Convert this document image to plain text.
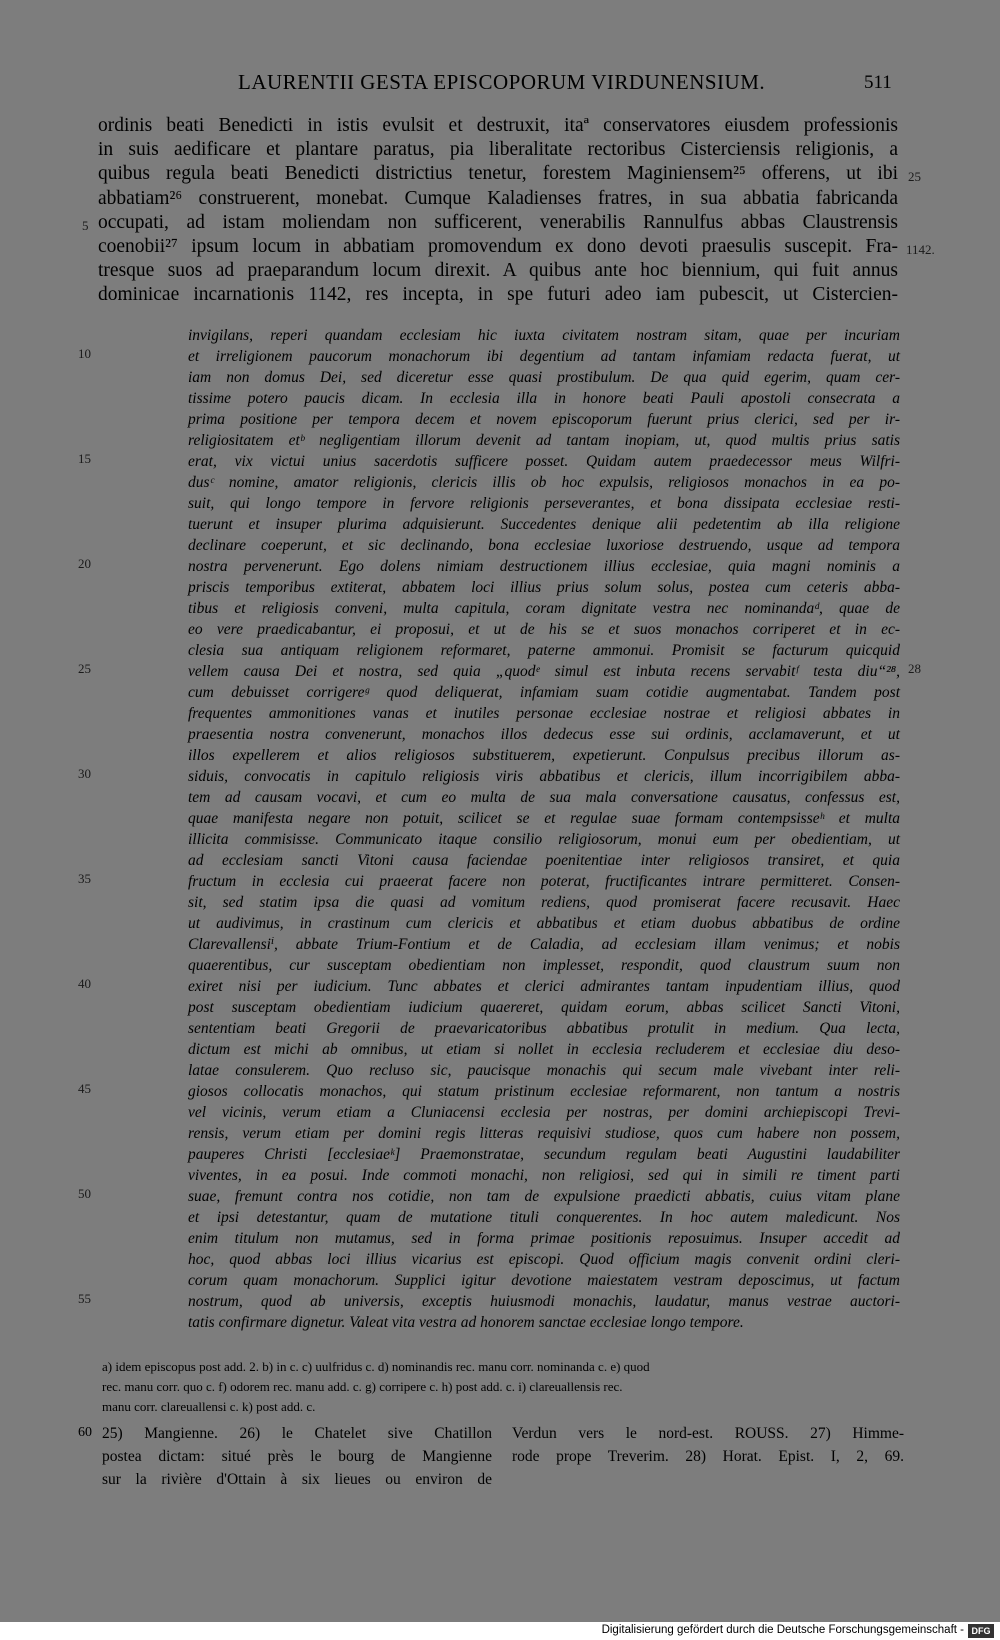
LAURENTII GESTA EPISCOPORUM VIRDUNENSIUM.	511
ordinis beati Benedicti in istis evulsit et destruxit, itaª conservatores eiusdem professionis
in suis aedificare et plantare paratus, pia liberalitate rectoribus Cisterciensis religionis, a
quibus regula beati Benedicti districtius tenetur, forestem Maginiensem²⁵ offerens, ut ibi
abbatiam²⁶ construerent, monebat. Cumque Kaladienses fratres, in sua abbatia fabricanda
occupati, ad istam moliendam non sufficerent, venerabilis Rannulfus abbas Claustrensis
coenobii²⁷ ipsum locum in abbatiam promovendum ex dono devoti praesulis suscepit. Fra-
tresque suos ad praeparandum locum direxit. A quibus ante hoc biennium, qui fuit annus
dominicae incarnationis 1142, res incepta, in spe futuri adeo iam pubescit, ut Cistercien-
25
5
1142.
invigilans, reperi quandam ecclesiam hic iuxta civitatem nostram sitam, quae per incuriam
et irreligionem paucorum monachorum ibi degentium ad tantam infamiam redacta fuerat, ut
iam non domus Dei, sed diceretur esse quasi prostibulum. De qua quid egerim, quam cer-
tissime potero paucis dicam. In ecclesia illa in honore beati Pauli apostoli consecrata a
prima positione per tempora decem et novem episcoporum fuerunt prius clerici, sed per ir-
religiositatem etᵇ negligentiam illorum devenit ad tantam inopiam, ut, quod multis prius satis
erat, vix victui unius sacerdotis sufficere posset. Quidam autem praedecessor meus Wilfri-
dusᶜ nomine, amator religionis, clericis illis ob hoc expulsis, religiosos monachos in ea po-
suit, qui longo tempore in fervore religionis perseverantes, et bona dissipata ecclesiae resti-
tuerunt et insuper plurima adquisierunt. Succedentes denique alii pedetentim ab illa religione
declinare coeperunt, et sic declinando, bona ecclesiae luxoriose destruendo, usque ad tempora
nostra pervenerunt. Ego dolens nimiam destructionem illius ecclesiae, quia magni nominis a
priscis temporibus extiterat, abbatem loci illius prius solum solus, postea cum ceteris abba-
tibus et religiosis conveni, multa capitula, coram dignitate vestra nec nominandaᵈ, quae de
eo vere praedicabantur, ei proposui, et ut de his se et suos monachos corriperet et in ec-
clesia sua antiquam religionem reformaret, paterne ammonui. Promisit se facturum quicquid
vellem causa Dei et nostra, sed quia „quodᵉ simul est inbuta recens servabitᶠ testa diu“²⁸,
cum debuisset corrigereᵍ quod deliquerat, infamiam suam cotidie augmentabat. Tandem post
frequentes ammonitiones vanas et inutiles personae ecclesiae nostrae et religiosi abbates in
praesentia nostra convenerunt, monachos illos dedecus esse sui ordinis, acclamaverunt, et ut
illos expellerem et alios religiosos substituerem, expetierunt. Conpulsus precibus illorum as-
siduis, convocatis in capitulo religiosis viris abbatibus et clericis, illum incorrigibilem abba-
tem ad causam vocavi, et cum eo multa de sua mala conversatione causatus, confessus est,
quae manifesta negare non potuit, scilicet se et regulae suae formam contempsisseʰ et multa
illicita commisisse. Communicato itaque consilio religiosorum, monui eum per obedientiam, ut
ad ecclesiam sancti Vitoni causa faciendae poenitentiae inter religiosos transiret, et quia
fructum in ecclesia cui praeerat facere non poterat, fructificantes intrare permitteret. Consen-
sit, sed statim ipsa die quasi ad vomitum rediens, quod promiserat facere recusavit. Haec
ut audivimus, in crastinum cum clericis et abbatibus et etiam duobus abbatibus de ordine
Clarevallensiⁱ, abbate Trium-Fontium et de Caladia, ad ecclesiam illam venimus; et nobis
quaerentibus, cur susceptam obedientiam non implesset, respondit, quod claustrum suum non
exiret nisi per iudicium. Tunc abbates et clerici admirantes tantam inpudentiam illius, quod
post susceptam obedientiam iudicium quaereret, quidam eorum, abbas scilicet Sancti Vitoni,
sententiam beati Gregorii de praevaricatoribus abbatibus protulit in medium. Qua lecta,
dictum est michi ab omnibus, ut etiam si nollet in ecclesia recluderem et ecclesiae diu deso-
latae consulerem. Quo recluso sic, paucisque monachis qui secum male vivebant inter reli-
giosos collocatis monachos, qui statum pristinum ecclesiae reformarent, non tantum a nostris
vel vicinis, verum etiam a Cluniacensi ecclesia per nostras, per domini archiepiscopi Trevi-
rensis, verum etiam per domini regis litteras requisivi studiose, quos cum habere non possem,
pauperes Christi [ecclesiaeᵏ] Praemonstratae, secundum regulam beati Augustini laudabiliter
viventes, in ea posui. Inde commoti monachi, non religiosi, sed qui in simili re timent parti
suae, fremunt contra nos cotidie, non tam de expulsione praedicti abbatis, cuius vitam plane
et ipsi detestantur, quam de mutatione tituli conquerentes. In hoc autem maledicunt. Nos
enim titulum non mutamus, sed in forma primae positionis reposuimus. Insuper accedit ad
hoc, quod abbas loci illius vicarius est episcopi. Quod officium magis convenit ordini cleri-
corum quam monachorum. Supplici igitur devotione maiestatem vestram deposcimus, ut factum
nostrum, quod ab universis, exceptis huiusmodi monachis, laudatur, manus vestrae auctori-
tatis confirmare dignetur. Valeat vita vestra ad honorem sanctae ecclesiae longo tempore.
10
15
20
25
30
35
40
45
50
55
28
a) idem episcopus post add. 2. b) in c. c) uulfridus c. d) nominandis rec. manu corr. nominanda c. e) quod
rec. manu corr. quo c. f) odorem rec. manu add. c. g) corripere c. h) post add. c. i) clareuallensis rec.
manu corr. clareuallensi c. k) post add. c.
60 25) Mangienne. 26) le Chatelet sive Chatillon
postea dictam: situé près le bourg de Mangienne
sur la rivière d'Ottain à six lieues ou environ de
Verdun vers le nord-est. ROUSS. 27) Himme-
rode prope Treverim. 28) Horat. Epist. I, 2, 69.
Digitalisierung gefördert durch die Deutsche Forschungsgemeinschaft - DFG
